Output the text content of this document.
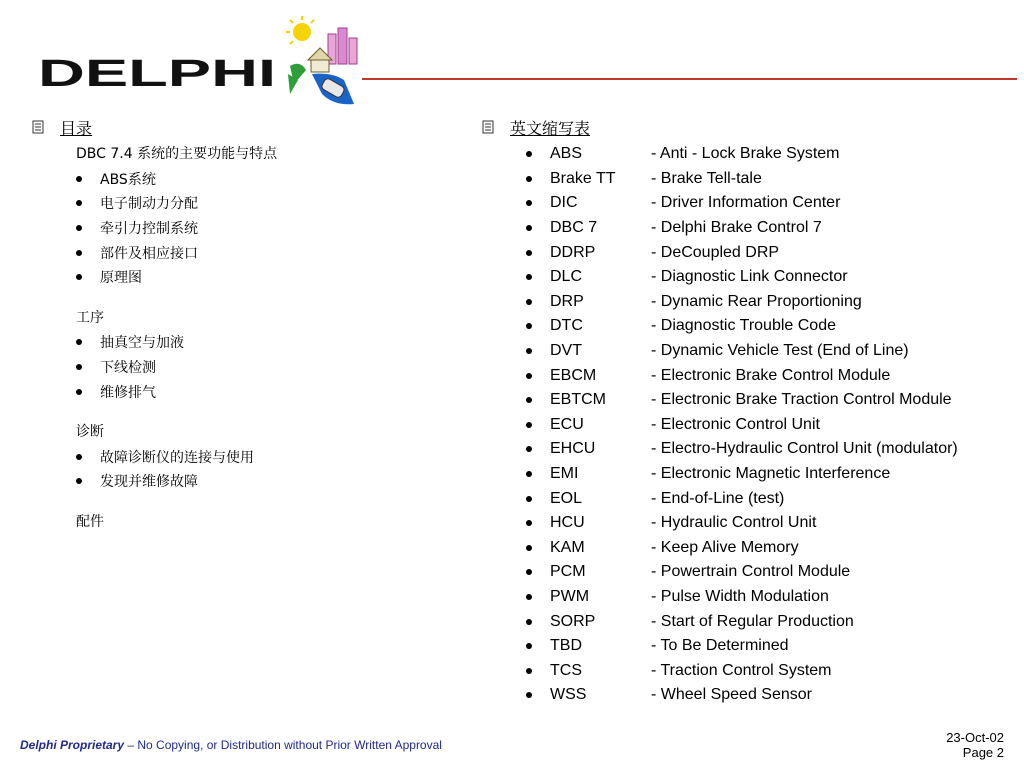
DELPHI
目录
DBC 7.4 系统的主要功能与特点
ABS系统
电子制动力分配
牵引力控制系统
部件及相应接口
原理图
工序
抽真空与加液
下线检测
维修排气
诊断
故障诊断仪的连接与使用
发现并维修故障
配件
英文缩写表
ABS	- Anti - Lock Brake System
Brake TT	- Brake Tell-tale
DIC	- Driver Information Center
DBC 7	- Delphi Brake Control 7
DDRP	- DeCoupled DRP
DLC	- Diagnostic Link Connector
DRP	- Dynamic Rear Proportioning
DTC	- Diagnostic Trouble Code
DVT	- Dynamic Vehicle Test (End of Line)
EBCM	- Electronic Brake Control Module
EBTCM	- Electronic Brake Traction Control Module
ECU	- Electronic Control Unit
EHCU	- Electro-Hydraulic Control Unit (modulator)
EMI	- Electronic Magnetic Interference
EOL	- End-of-Line (test)
HCU	- Hydraulic Control Unit
KAM	- Keep Alive Memory
PCM	- Powertrain Control Module
PWM	- Pulse Width Modulation
SORP	- Start of Regular Production
TBD	- To Be Determined
TCS	- Traction Control System
WSS	- Wheel Speed Sensor
Delphi Proprietary – No Copying, or Distribution without Prior Written Approval	23-Oct-02
Page 2
